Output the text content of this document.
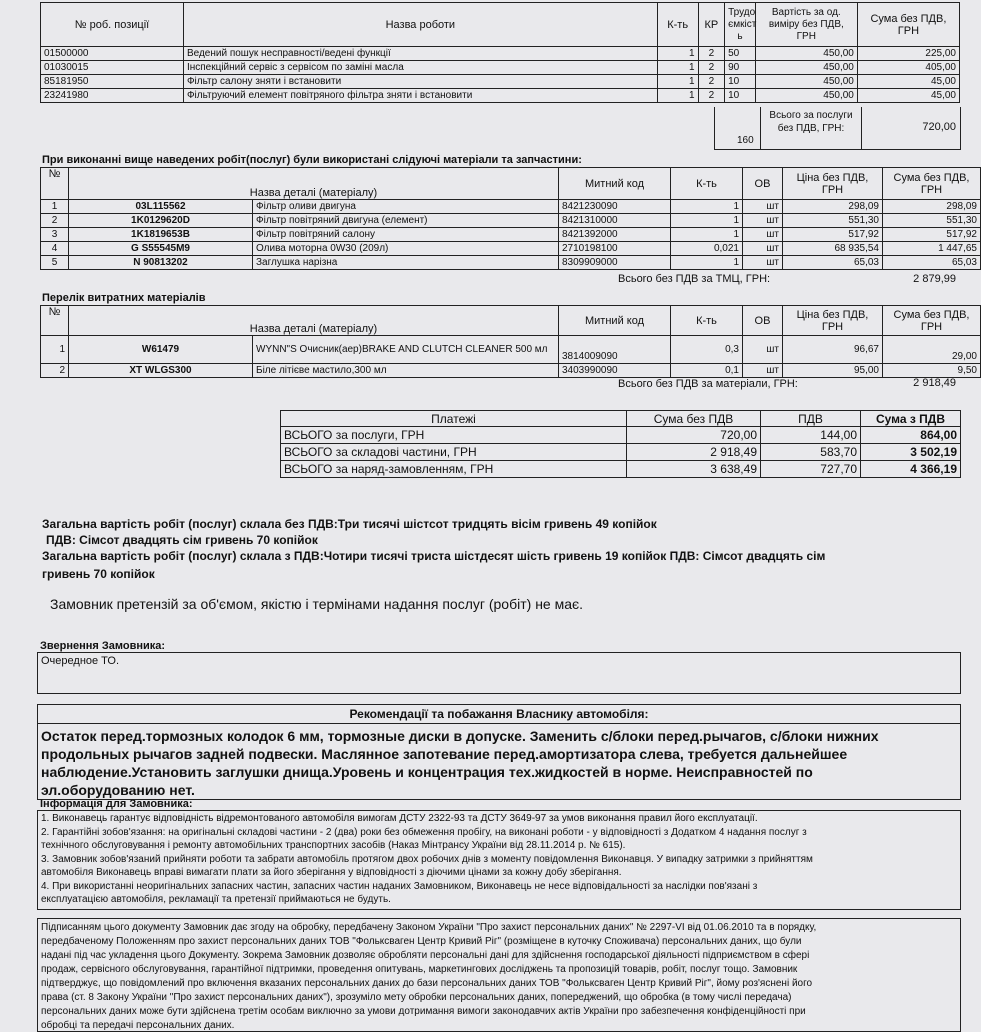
№ роб. позиції	Назва роботи	К-ть	КР	Трудо ємкіст ь	Вартість за од. виміру без ПДВ, ГРН	Сума без ПДВ, ГРН
01500000	Ведений пошук несправності/ведені функції	1	2	50	450,00	225,00
01030015	Інспекційний сервіс з сервісом по заміні масла	1	2	90	450,00	405,00
85181950	Фільтр салону зняти і встановити	1	2	10	450,00	45,00
23241980	Фільтруючий елемент повітряного фільтра зняти і встановити	1	2	10	450,00	45,00
160
Всього за послуги без ПДВ, ГРН:	720,00
При виконанні вище наведених робіт(послуг) були використані слідуючі матеріали та запчастини:
№	Назва деталі (матеріалу)		Митний код	К-ть	ОВ	Ціна без ПДВ, ГРН	Сума без ПДВ, ГРН
1	03L115562	Фільтр оливи двигуна	8421230090	1	шт	298,09	298,09
2	1K0129620D	Фільтр повітряний двигуна (елемент)	8421310000	1	шт	551,30	551,30
3	1K1819653B	Фільтр повітряний салону	8421392000	1	шт	517,92	517,92
4	G S55545M9	Олива моторна 0W30 (209л)	2710198100	0,021	шт	68 935,54	1 447,65
5	N 90813202	Заглушка нарізна	8309909000	1	шт	65,03	65,03
Всьоrо без ПДВ за ТМЦ, ГРН:	2 879,99
Перелік витратних матеріалів
№	Назва деталі (матеріалу)		Митний код	К-ть	ОВ	Ціна без ПДВ, ГРН	Сума без ПДВ, ГРН
1	W61479	WYNN"S Очисник(аер)BRAKE AND CLUTCH CLEANER 500 мл	3814009090	0,3	шт	96,67	29,00
2	XT WLGS300	Біле літієве мастило,300 мл	3403990090	0,1	шт	95,00	9,50
Всього без ПДВ за матеріали, ГРН:	2 918,49
Платежі	Сума без ПДВ	ПДВ	Сума з ПДВ
ВСЬОГО за послуги, ГРН	720,00	144,00	864,00
ВСЬОГО за складові частини, ГРН	2 918,49	583,70	3 502,19
ВСЬОГО за наряд-замовленням, ГРН	3 638,49	727,70	4 366,19
Загальна вартість робіт (послуг) склала без ПДВ:Три тисячі шістсот тридцять вісім гривень 49 копійок
ПДВ: Сімсот двадцять сім гривень 70 копійок
Загальна вартість робіт (послуг) склала з ПДВ:Чотири тисячі триста шістдесят шість гривень 19 копійок ПДВ: Сімсот двадцять сім
гривень 70 копійок
Замовник претензій за об'ємом, якістю і термінами надання послуг (робіт) не має.
Звернення Замовника:
Очередное ТО.
Рекомендації та побажання Власнику автомобіля:
Остаток перед.тормозных колодок 6 мм, тормозные диски в допуске. Заменить с/блоки перед.рычагов, с/блоки нижних
продольных рычагов задней подвески. Маслянное запотевание перед.амортизатора слева, требуется дальнейшее
наблюдение.Установить заглушки днища.Уровень и концентрация тех.жидкостей в норме. Неисправностей по
эл.оборудованию нет.
Інформація для Замовника:
1. Виконавець гарантує відповідність відремонтованого автомобіля вимогам ДСТУ 2322-93 та ДСТУ 3649-97 за умов виконання правил його експлуатації.
2. Гарантійні зобов'язання: на оригінальні складові частини - 2 (два) роки без обмеження пробігу, на виконані роботи - у відповідності з Додатком 4 надання послуг з
технічного обслуговування і ремонту автомобільних транспортних засобів (Наказ Мінтрансу України від 28.11.2014 р. № 615).
3. Замовник зобов'язаний прийняти роботи та забрати автомобіль протягом двох робочих днів з моменту повідомлення Виконавця. У випадку затримки з прийняттям
автомобіля Виконавець вправі вимагати плати за його зберігання у відповідності з діючими цінами за кожну добу зберігання.
4. При використанні неоригінальних запасних частин, запасних частин наданих Замовником, Виконавець не несе відповідальності за наслідки пов'язані з
експлуатацією автомобіля, рекламації та претензії приймаються не будуть.
Підписанням цього документу Замовник дає згоду на обробку, передбачену Законом України "Про захист персональних даних" № 2297-VI від 01.06.2010 та в порядку,
передбаченому Положенням про захист персональних даних ТОВ "Фольксваген Центр Кривий Ріг" (розміщене в куточку Споживача) персональних даних, що були
надані під час укладення цього Документу. Зокрема Замовник дозволяє обробляти персональні дані для здійснення господарської діяльності підприємством в сфері
продаж, сервісного обслуговування, гарантійної підтримки, проведення опитувань, маркетингових досліджень та пропозицій товарів, робіт, послуг тощо. Замовник
підтверджує, що повідомлений про включення вказаних персональних даних до бази персональних даних ТОВ "Фольксваген Центр Кривий Ріг", йому роз'яснені його
права (ст. 8 Закону України "Про захист персональних даних"), зрозуміло мету обробки персональних даних, попереджений, що обробка (в тому числі передача)
персональних даних може бути здійснена третім особам виключно за умови дотримання вимоги законодавчих актів України про забезпечення конфіденційності при
обробці та передачі персональних даних.
